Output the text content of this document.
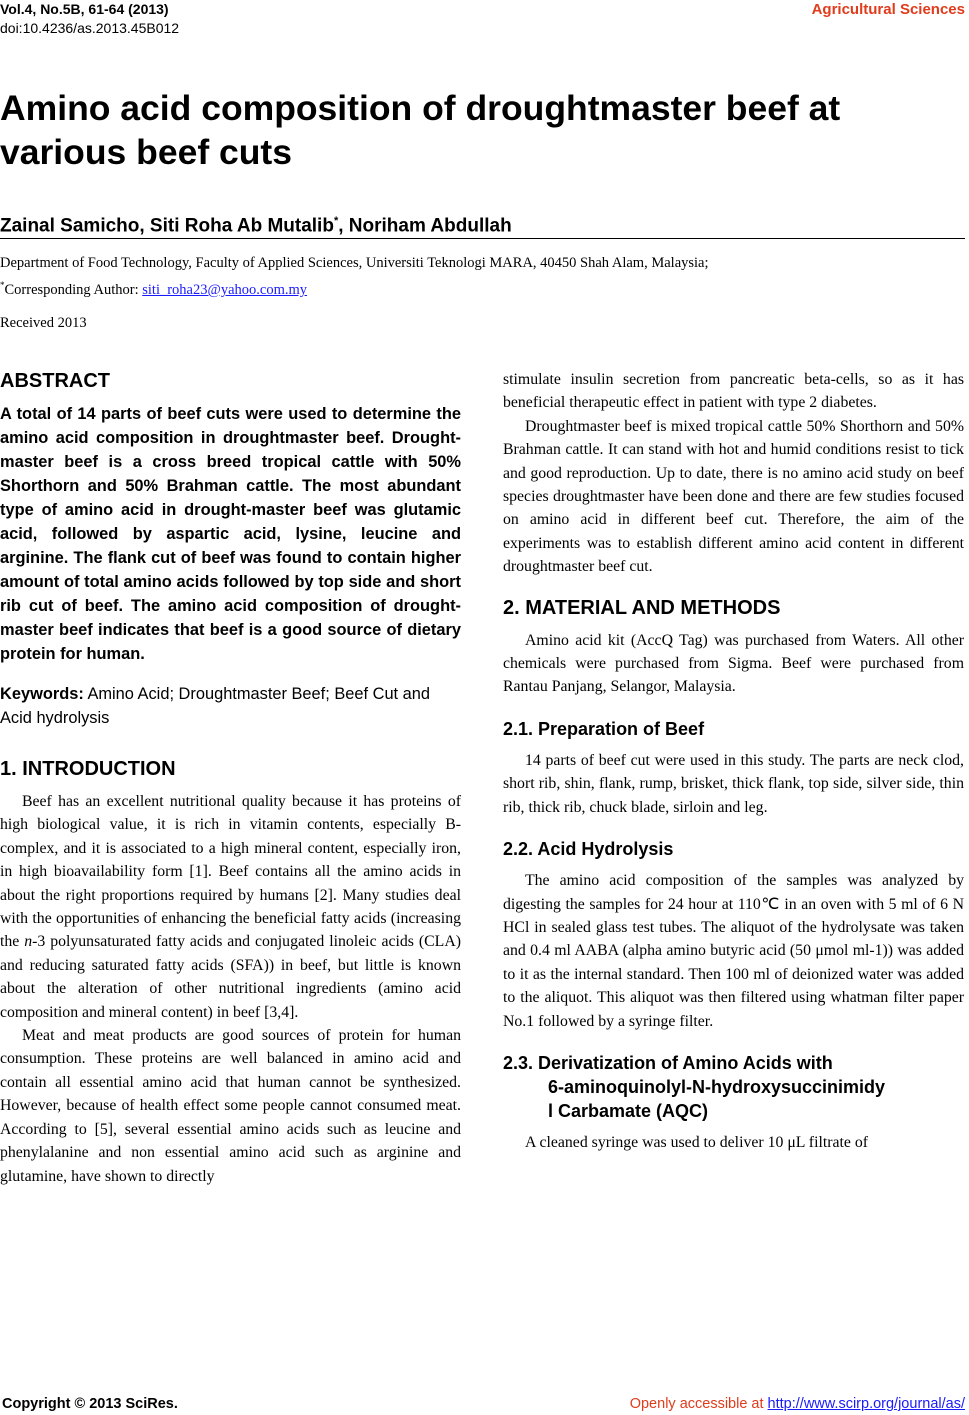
Vol.4, No.5B, 61-64 (2013)
doi:10.4236/as.2013.45B012
Agricultural Sciences
Amino acid composition of droughtmaster beef at various beef cuts
Zainal Samicho, Siti Roha Ab Mutalib*, Noriham Abdullah
Department of Food Technology, Faculty of Applied Sciences, Universiti Teknologi MARA, 40450 Shah Alam, Malaysia;
*Corresponding Author: siti_roha23@yahoo.com.my
Received 2013
ABSTRACT

A total of 14 parts of beef cuts were used to determine the amino acid composition in droughtmaster beef. Drought-master beef is a cross breed tropical cattle with 50% Shorthorn and 50% Brahman cattle. The most abundant type of amino acid in drought-master beef was glutamic acid, followed by aspartic acid, lysine, leucine and arginine. The flank cut of beef was found to contain higher amount of total amino acids followed by top side and short rib cut of beef. The amino acid composition of drought-master beef indicates that beef is a good source of dietary protein for human.

Keywords: Amino Acid; Droughtmaster Beef; Beef Cut and Acid hydrolysis

1. INTRODUCTION

Beef has an excellent nutritional quality because it has proteins of high biological value, it is rich in vitamin contents, especially B-complex, and it is associated to a high mineral content, especially iron, in high bioavailability form [1]. Beef contains all the amino acids in about the right proportions required by humans [2]. Many studies deal with the opportunities of enhancing the beneficial fatty acids (increasing the n-3 polyunsaturated fatty acids and conjugated linoleic acids (CLA) and reducing saturated fatty acids (SFA)) in beef, but little is known about the alteration of other nutritional ingredients (amino acid composition and mineral content) in beef [3,4].

Meat and meat products are good sources of protein for human consumption. These proteins are well balanced in amino acid and contain all essential amino acid that human cannot be synthesized. However, because of health effect some people cannot consumed meat. According to [5], several essential amino acids such as leucine and phenylalanine and non essential amino acid such as arginine and glutamine, have shown to directly

stimulate insulin secretion from pancreatic beta-cells, so as it has beneficial therapeutic effect in patient with type 2 diabetes.

Droughtmaster beef is mixed tropical cattle 50% Shorthorn and 50% Brahman cattle. It can stand with hot and humid conditions resist to tick and good reproduction. Up to date, there is no amino acid study on beef species droughtmaster have been done and there are few studies focused on amino acid in different beef cut. Therefore, the aim of the experiments was to establish different amino acid content in different droughtmaster beef cut.

2. MATERIAL AND METHODS

Amino acid kit (AccQ Tag) was purchased from Waters. All other chemicals were purchased from Sigma. Beef were purchased from Rantau Panjang, Selangor, Malaysia.

2.1. Preparation of Beef

14 parts of beef cut were used in this study. The parts are neck clod, short rib, shin, flank, rump, brisket, thick flank, top side, silver side, thin rib, thick rib, chuck blade, sirloin and leg.

2.2. Acid Hydrolysis

The amino acid composition of the samples was analyzed by digesting the samples for 24 hour at 110℃ in an oven with 5 ml of 6 N HCl in sealed glass test tubes. The aliquot of the hydrolysate was taken and 0.4 ml AABA (alpha amino butyric acid (50 μmol ml-1)) was added to it as the internal standard. Then 100 ml of deionized water was added to the aliquot. This aliquot was then filtered using whatman filter paper No.1 followed by a syringe filter.

2.3. Derivatization of Amino Acids with
6-aminoquinolyl-N-hydroxysuccinimidy
l Carbamate (AQC)

A cleaned syringe was used to deliver 10 μL filtrate of

Copyright © 2013 SciRes.	Openly accessible at http://www.scirp.org/journal/as/
